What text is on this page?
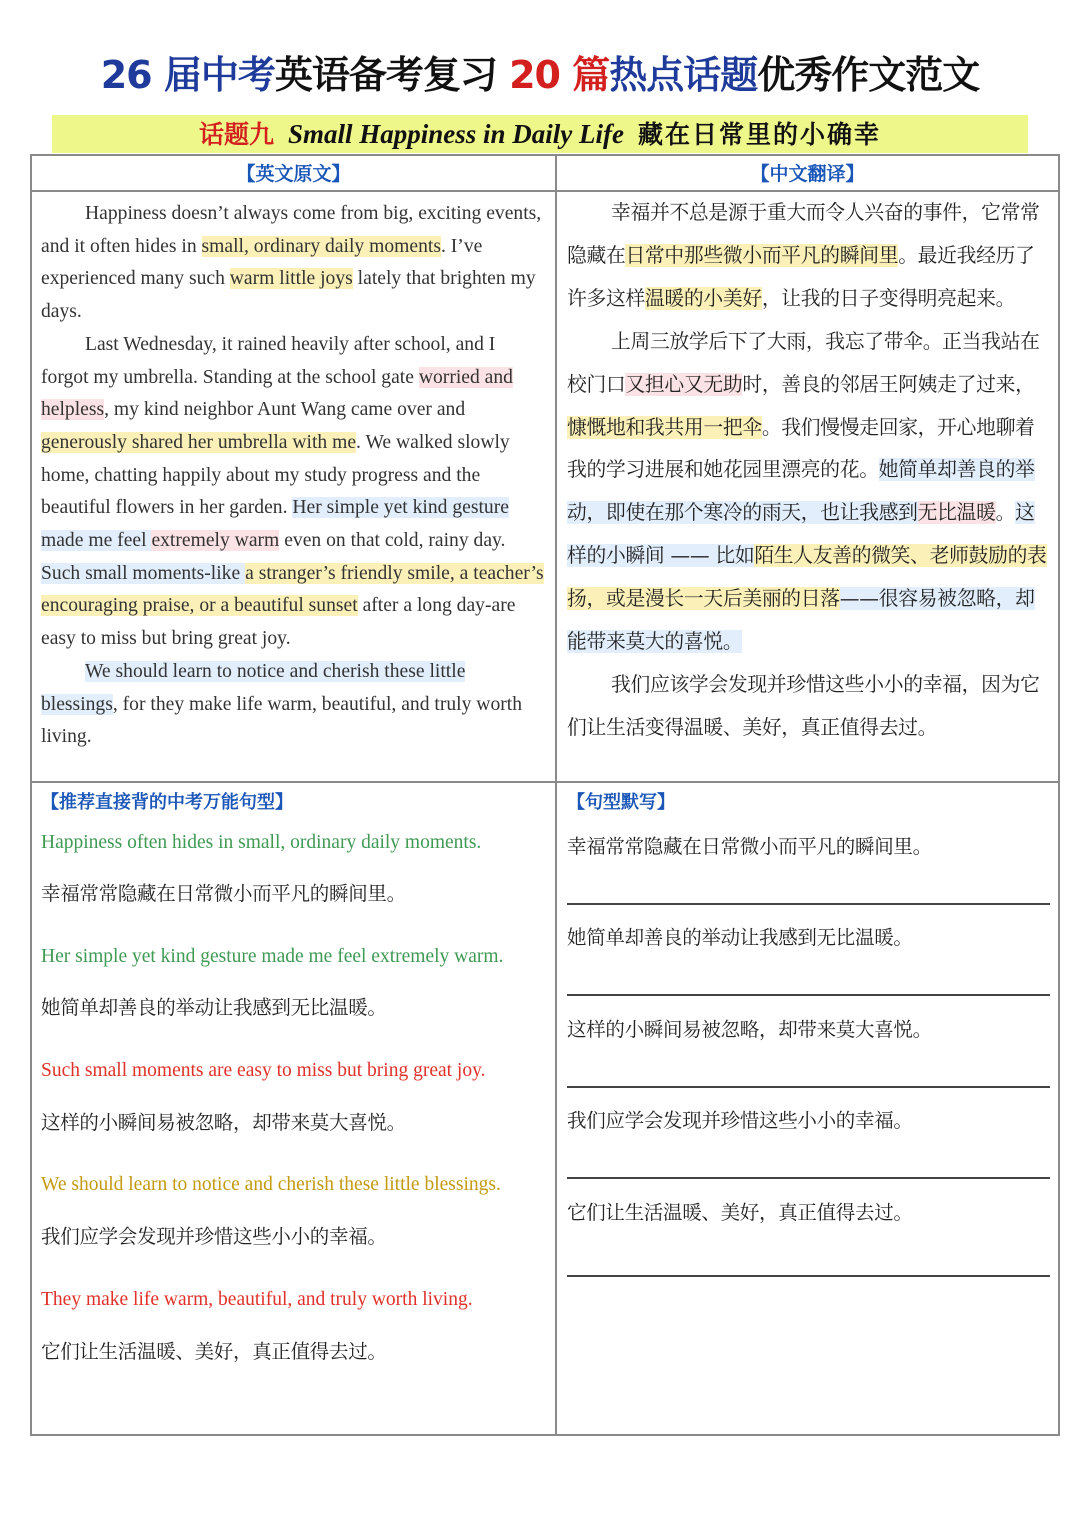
26 届中考英语备考复习 20 篇热点话题优秀作文范文
话题九 Small Happiness in Daily Life 藏在日常里的小确幸
【英文原文】	【中文翻译】

Happiness doesn’t always come from big, exciting events, and it often hides in small, ordinary daily moments. I’ve experienced many such warm little joys lately that brighten my days.

Last Wednesday, it rained heavily after school, and I forgot my umbrella. Standing at the school gate worried and helpless, my kind neighbor Aunt Wang came over and generously shared her umbrella with me. We walked slowly home, chatting happily about my study progress and the beautiful flowers in her garden. Her simple yet kind gesture made me feel extremely warm even on that cold, rainy day. Such small moments-like a stranger’s friendly smile, a teacher’s encouraging praise, or a beautiful sunset after a long day-are easy to miss but bring great joy.

We should learn to notice and cherish these little blessings, for they make life warm, beautiful, and truly worth living.

幸福并不总是源于重大而令人兴奋的事件，它常常隐藏在日常中那些微小而平凡的瞬间里。最近我经历了许多这样温暖的小美好，让我的日子变得明亮起来。

上周三放学后下了大雨，我忘了带伞。正当我站在校门口又担心又无助时，善良的邻居王阿姨走了过来，慷慨地和我共用一把伞。我们慢慢走回家，开心地聊着我的学习进展和她花园里漂亮的花。她简单却善良的举动，即使在那个寒冷的雨天，也让我感到无比温暖。这样的小瞬间 —— 比如陌生人友善的微笑、老师鼓励的表扬，或是漫长一天后美丽的日落——很容易被忽略，却能带来莫大的喜悦。

我们应该学会发现并珍惜这些小小的幸福，因为它们让生活变得温暖、美好，真正值得去过。

【推荐直接背的中考万能句型】	【句型默写】
Happiness often hides in small, ordinary daily moments.
幸福常常隐藏在日常微小而平凡的瞬间里。
Her simple yet kind gesture made me feel extremely warm.
她简单却善良的举动让我感到无比温暖。
Such small moments are easy to miss but bring great joy.
这样的小瞬间易被忽略，却带来莫大喜悦。
We should learn to notice and cherish these little blessings.
我们应学会发现并珍惜这些小小的幸福。
They make life warm, beautiful, and truly worth living.
它们让生活温暖、美好，真正值得去过。
幸福常常隐藏在日常微小而平凡的瞬间里。
她简单却善良的举动让我感到无比温暖。
这样的小瞬间易被忽略，却带来莫大喜悦。
我们应学会发现并珍惜这些小小的幸福。
它们让生活温暖、美好，真正值得去过。
